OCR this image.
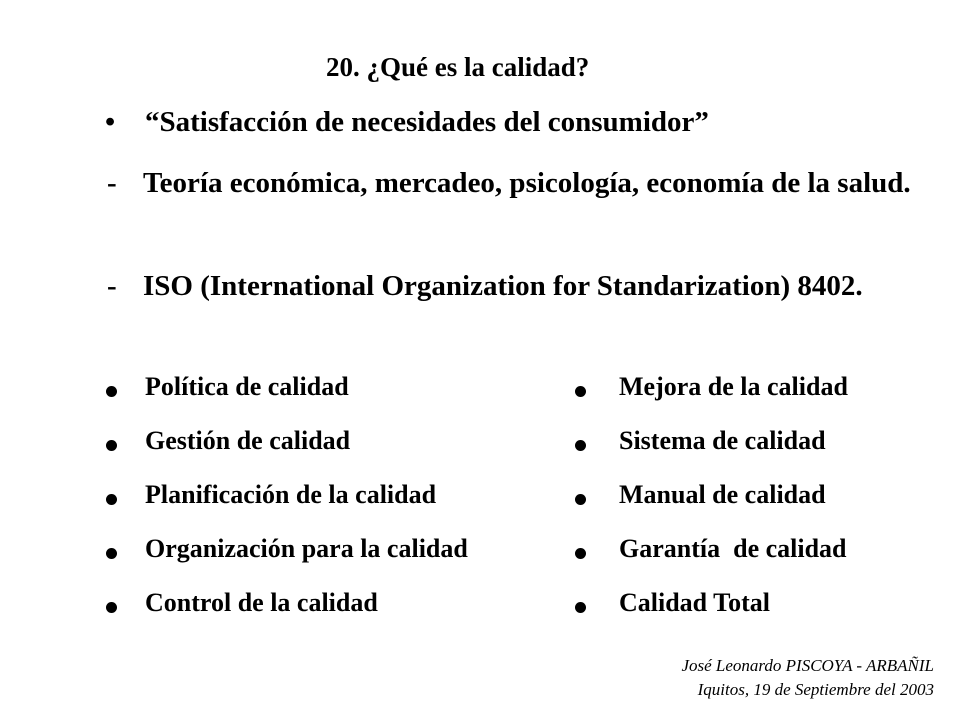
20. ¿Qué es la calidad?
• “Satisfacción de necesidades del consumidor”
- Teoría económica, mercadeo, psicología, economía de la salud.
- ISO (International Organization for Standarization) 8402.
Política de calidad
Gestión de calidad
Planificación de la calidad
Organización para la calidad
Control de la calidad
Mejora de la calidad
Sistema de calidad
Manual de calidad
Garantía  de calidad
Calidad Total
José Leonardo PISCOYA - ARBAÑIL
Iquitos, 19 de Septiembre del 2003
